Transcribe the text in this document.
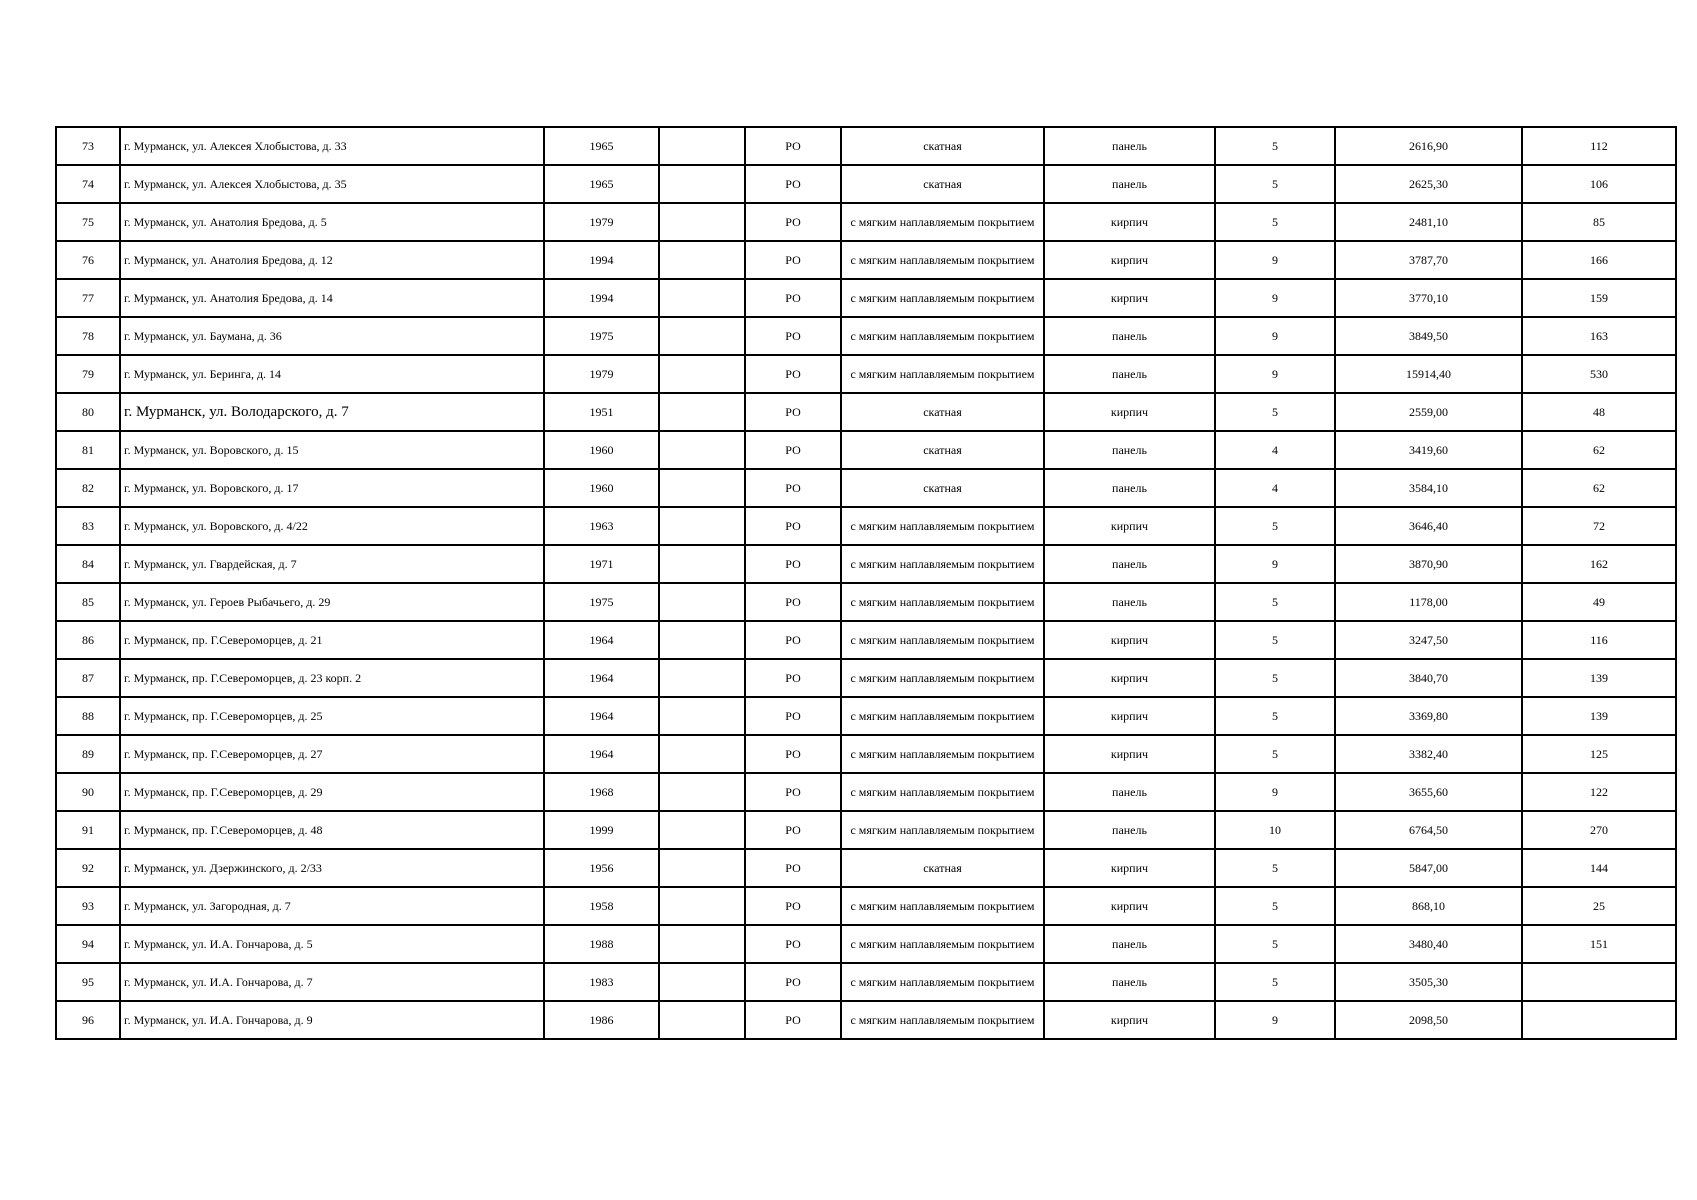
73	г. Мурманск, ул. Алексея Хлобыстова, д. 33	1965		РО	скатная	панель	5	2616,90	112
74	г. Мурманск, ул. Алексея Хлобыстова, д. 35	1965		РО	скатная	панель	5	2625,30	106
75	г. Мурманск, ул. Анатолия Бредова, д. 5	1979		РО	с мягким наплавляемым покрытием	кирпич	5	2481,10	85
76	г. Мурманск, ул. Анатолия Бредова, д. 12	1994		РО	с мягким наплавляемым покрытием	кирпич	9	3787,70	166
77	г. Мурманск, ул. Анатолия Бредова, д. 14	1994		РО	с мягким наплавляемым покрытием	кирпич	9	3770,10	159
78	г. Мурманск, ул. Баумана, д. 36	1975		РО	с мягким наплавляемым покрытием	панель	9	3849,50	163
79	г. Мурманск, ул. Беринга, д. 14	1979		РО	с мягким наплавляемым покрытием	панель	9	15914,40	530
80	г. Мурманск, ул. Володарского, д. 7	1951		РО	скатная	кирпич	5	2559,00	48
81	г. Мурманск, ул. Воровского, д. 15	1960		РО	скатная	панель	4	3419,60	62
82	г. Мурманск, ул. Воровского, д. 17	1960		РО	скатная	панель	4	3584,10	62
83	г. Мурманск, ул. Воровского, д. 4/22	1963		РО	с мягким наплавляемым покрытием	кирпич	5	3646,40	72
84	г. Мурманск, ул. Гвардейская, д. 7	1971		РО	с мягким наплавляемым покрытием	панель	9	3870,90	162
85	г. Мурманск, ул. Героев Рыбачьего, д. 29	1975		РО	с мягким наплавляемым покрытием	панель	5	1178,00	49
86	г. Мурманск, пр. Г.Североморцев, д. 21	1964		РО	с мягким наплавляемым покрытием	кирпич	5	3247,50	116
87	г. Мурманск, пр. Г.Североморцев, д. 23 корп. 2	1964		РО	с мягким наплавляемым покрытием	кирпич	5	3840,70	139
88	г. Мурманск, пр. Г.Североморцев, д. 25	1964		РО	с мягким наплавляемым покрытием	кирпич	5	3369,80	139
89	г. Мурманск, пр. Г.Североморцев, д. 27	1964		РО	с мягким наплавляемым покрытием	кирпич	5	3382,40	125
90	г. Мурманск, пр. Г.Североморцев, д. 29	1968		РО	с мягким наплавляемым покрытием	панель	9	3655,60	122
91	г. Мурманск, пр. Г.Североморцев, д. 48	1999		РО	с мягким наплавляемым покрытием	панель	10	6764,50	270
92	г. Мурманск, ул. Дзержинского, д. 2/33	1956		РО	скатная	кирпич	5	5847,00	144
93	г. Мурманск, ул. Загородная, д. 7	1958		РО	с мягким наплавляемым покрытием	кирпич	5	868,10	25
94	г. Мурманск, ул. И.А. Гончарова, д. 5	1988		РО	с мягким наплавляемым покрытием	панель	5	3480,40	151
95	г. Мурманск, ул. И.А. Гончарова, д. 7	1983		РО	с мягким наплавляемым покрытием	панель	5	3505,30	
96	г. Мурманск, ул. И.А. Гончарова, д. 9	1986		РО	с мягким наплавляемым покрытием	кирпич	9	2098,50	
